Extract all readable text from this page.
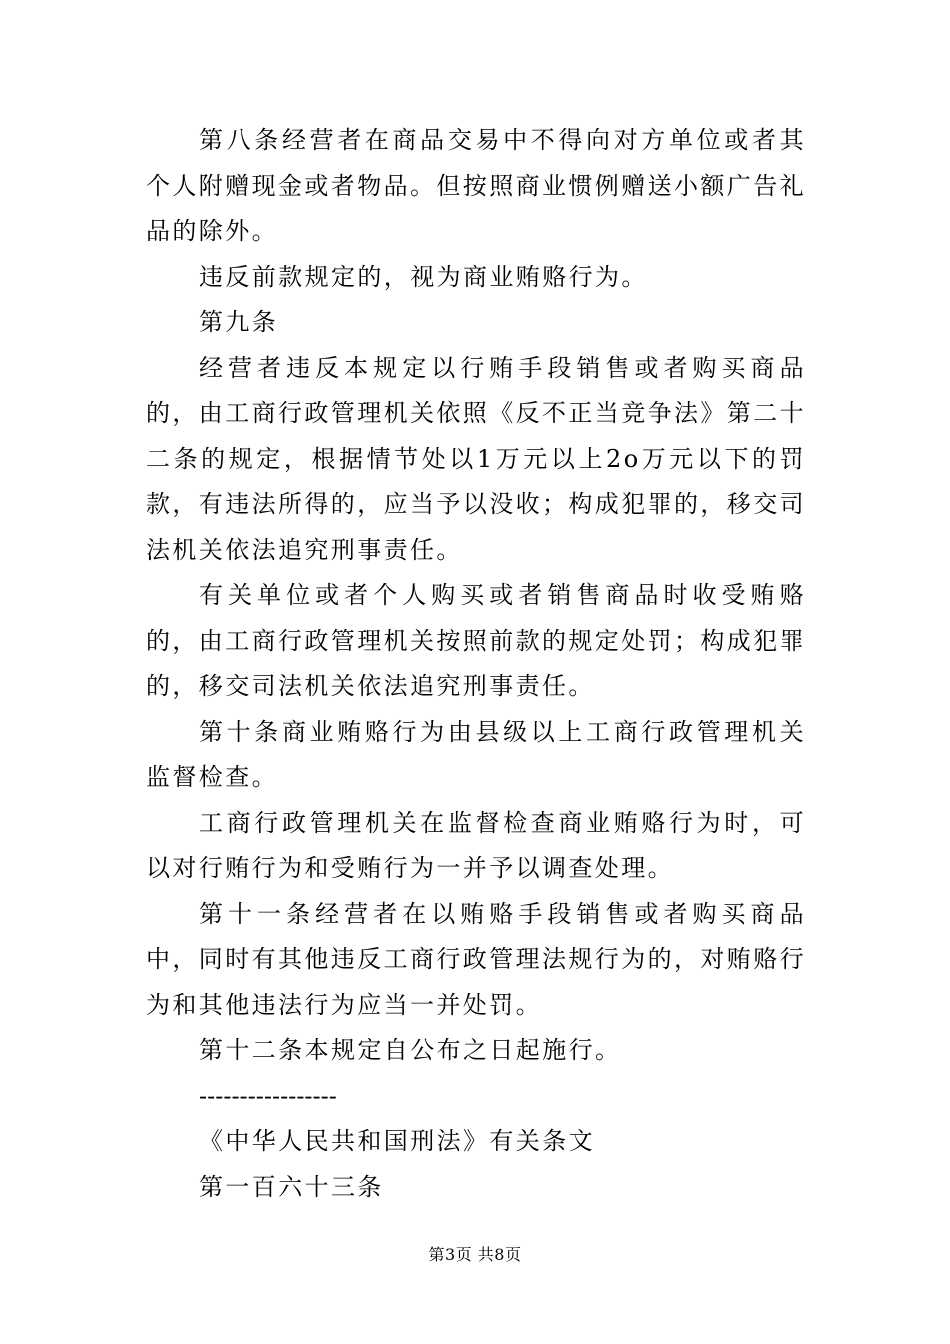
第八条经营者在商品交易中不得向对方单位或者其个人附赠现金或者物品。但按照商业惯例赠送小额广告礼品的除外。

违反前款规定的，视为商业贿赂行为。

第九条

经营者违反本规定以行贿手段销售或者购买商品的，由工商行政管理机关依照《反不正当竞争法》第二十二条的规定，根据情节处以1万元以上2o万元以下的罚款，有违法所得的，应当予以没收；构成犯罪的，移交司法机关依法追究刑事责任。

有关单位或者个人购买或者销售商品时收受贿赂的，由工商行政管理机关按照前款的规定处罚；构成犯罪的，移交司法机关依法追究刑事责任。

第十条商业贿赂行为由县级以上工商行政管理机关监督检查。

工商行政管理机关在监督检查商业贿赂行为时，可以对行贿行为和受贿行为一并予以调查处理。

第十一条经营者在以贿赂手段销售或者购买商品中，同时有其他违反工商行政管理法规行为的，对贿赂行为和其他违法行为应当一并处罚。

第十二条本规定自公布之日起施行。

-----------------

《中华人民共和国刑法》有关条文

第一百六十三条

第3页 共8页
